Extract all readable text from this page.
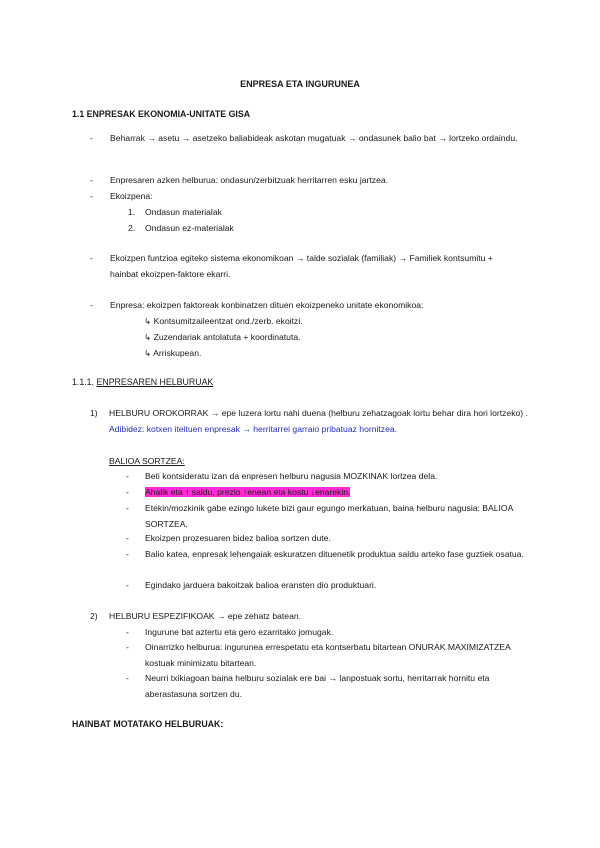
ENPRESA ETA INGURUNEA
1.1 ENPRESAK EKONOMIA-UNITATE GISA
- Beharrak → asetu → asetzeko baliabideak askotan mugatuak → ondasunek balio bat → lortzeko ordaindu.
- Enpresaren azken helburua: ondasun/zerbitzuak herritarren esku jartzea.
- Ekoizpena:
1. Ondasun materialak
2. Ondasun ez-materialak
- Ekoizpen funtzioa egiteko sistema ekonomikoan → talde sozialak (familiak) → Familiek kontsumitu + hainbat ekoizpen-faktore ekarri.
- Enpresa: ekoizpen faktoreak konbinatzen dituen ekoizpeneko unitate ekonomikoa:
↳ Kontsumitzaileentzat ond./zerb. ekoitzi.
↳ Zuzendariak antolatuta + koordinatuta.
↳ Arriskupean.
1.1.1. ENPRESAREN HELBURUAK
1) HELBURU OROKORRAK → epe luzera lortu nahi duena (helburu zehatzagoak lortu behar dira hori lortzeko) . Adibidez: kotxen iteituen enpresak → herritarrei garraio pribatuaz hornitzea.
BALIOA SORTZEA:
- Beti kontsideratu izan da enpresen helburu nagusia MOZKINAK lortzea dela.
- Ahalik eta ↑ saldu, prezio ↑enean eta kostu ↓enarekin.
- Etekin/mozkinik gabe ezingo lukete bizi gaur egungo merkatuan, baina helburu nagusia: BALIOA SORTZEA.
- Ekoizpen prozesuaren bidez balioa sortzen dute.
- Balio katea, enpresak lehengaiak eskuratzen dituenetik produktua saldu arteko fase guztiek osatua.
- Egindako jarduera bakoitzak balioa eransten dio produktuari.
2) HELBURU ESPEZIFIKOAK → epe zehatz batean.
- Ingurune bat aztertu eta gero ezarritako jomugak.
- Oinarrizko helburua: ingurunea errespetatu eta kontserbatu bitartean ONURAK MAXIMIZATZEA kostuak minimizatu bitartean.
- Neurri txikiagoan baina helburu sozialak ere bai → lanpostuak sortu, herritarrak hornitu eta aberastasuna sortzen du.
HAINBAT MOTATAKO HELBURUAK:
